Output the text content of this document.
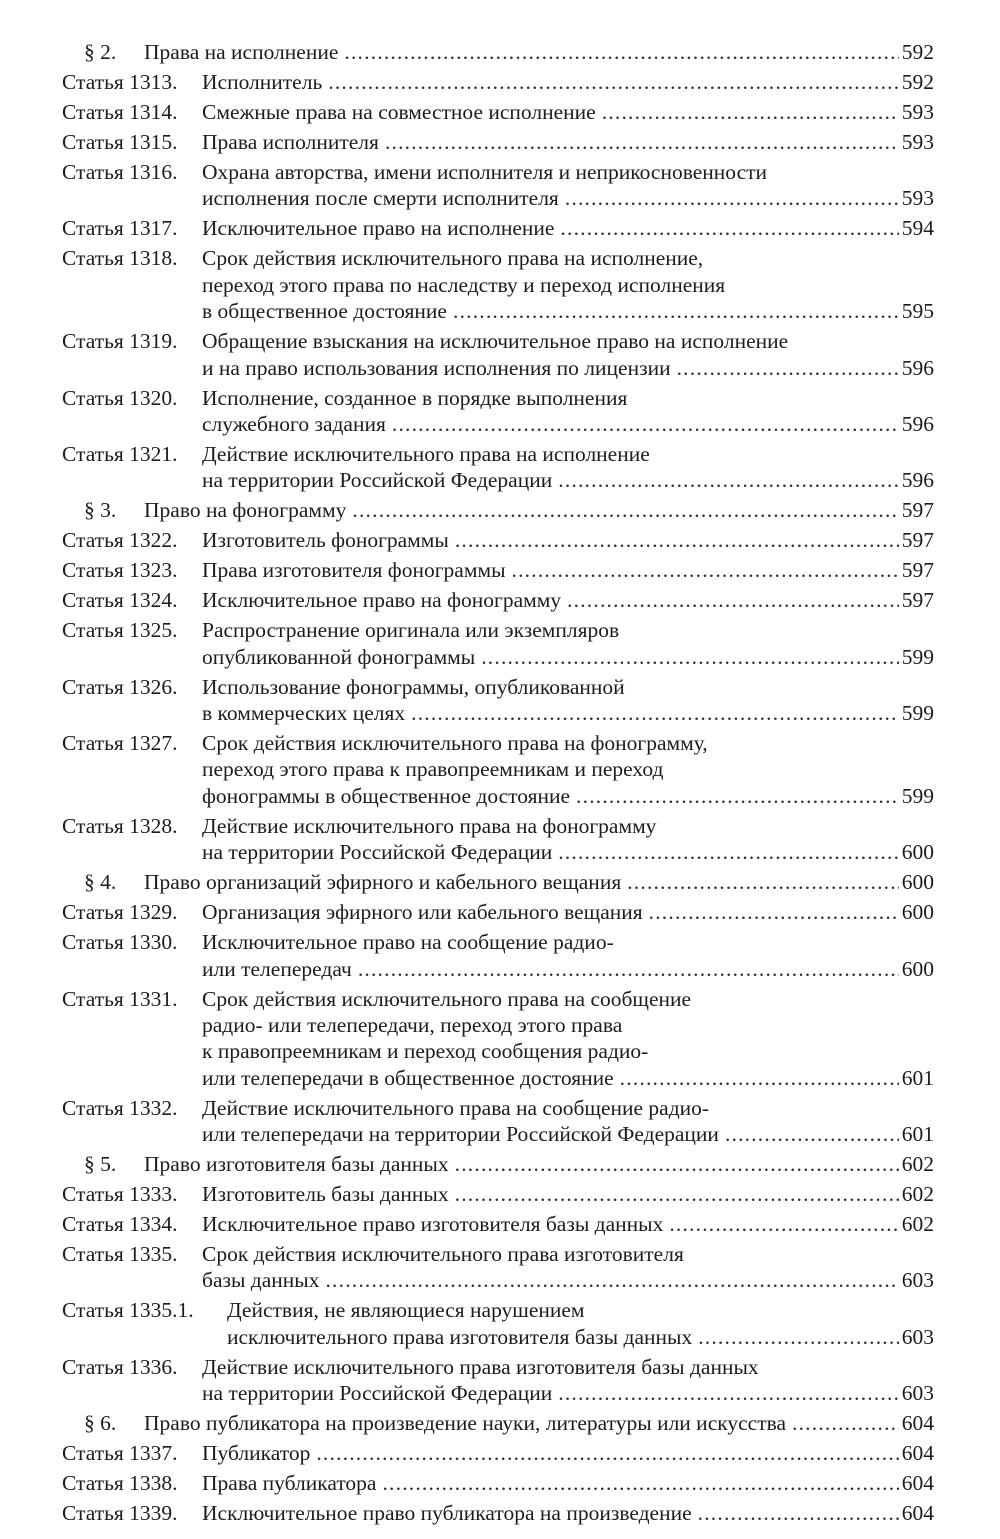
§ 2.	Права на исполнение .....	592
Статья 1313.	Исполнитель .....	592
Статья 1314.	Смежные права на совместное исполнение .....	593
Статья 1315.	Права исполнителя .....	593
Статья 1316.	Охрана авторства, имени исполнителя и неприкосновенности
исполнения после смерти исполнителя .....	593
Статья 1317.	Исключительное право на исполнение .....	594
Статья 1318.	Срок действия исключительного права на исполнение,
переход этого права по наследству и переход исполнения
в общественное достояние .....	595
Статья 1319.	Обращение взыскания на исключительное право на исполнение
и на право использования исполнения по лицензии .....	596
Статья 1320.	Исполнение, созданное в порядке выполнения
служебного задания .....	596
Статья 1321.	Действие исключительного права на исполнение
на территории Российской Федерации .....	596
§ 3.	Право на фонограмму .....	597
Статья 1322.	Изготовитель фонограммы .....	597
Статья 1323.	Права изготовителя фонограммы .....	597
Статья 1324.	Исключительное право на фонограмму .....	597
Статья 1325.	Распространение оригинала или экземпляров
опубликованной фонограммы .....	599
Статья 1326.	Использование фонограммы, опубликованной
в коммерческих целях .....	599
Статья 1327.	Срок действия исключительного права на фонограмму,
переход этого права к правопреемникам и переход
фонограммы в общественное достояние .....	599
Статья 1328.	Действие исключительного права на фонограмму
на территории Российской Федерации .....	600
§ 4.	Право организаций эфирного и кабельного вещания .....	600
Статья 1329.	Организация эфирного или кабельного вещания .....	600
Статья 1330.	Исключительное право на сообщение радио-
или телепередач .....	600
Статья 1331.	Срок действия исключительного права на сообщение
радио- или телепередачи, переход этого права
к правопреемникам и переход сообщения радио-
или телепередачи в общественное достояние .....	601
Статья 1332.	Действие исключительного права на сообщение радио-
или телепередачи на территории Российской Федерации .....	601
§ 5.	Право изготовителя базы данных .....	602
Статья 1333.	Изготовитель базы данных .....	602
Статья 1334.	Исключительное право изготовителя базы данных .....	602
Статья 1335.	Срок действия исключительного права изготовителя
базы данных .....	603
Статья 1335.1.	Действия, не являющиеся нарушением
исключительного права изготовителя базы данных .....	603
Статья 1336.	Действие исключительного права изготовителя базы данных
на территории Российской Федерации .....	603
§ 6.	Право публикатора на произведение науки, литературы или искусства .....	604
Статья 1337.	Публикатор .....	604
Статья 1338.	Права публикатора .....	604
Статья 1339.	Исключительное право публикатора на произведение .....	604
